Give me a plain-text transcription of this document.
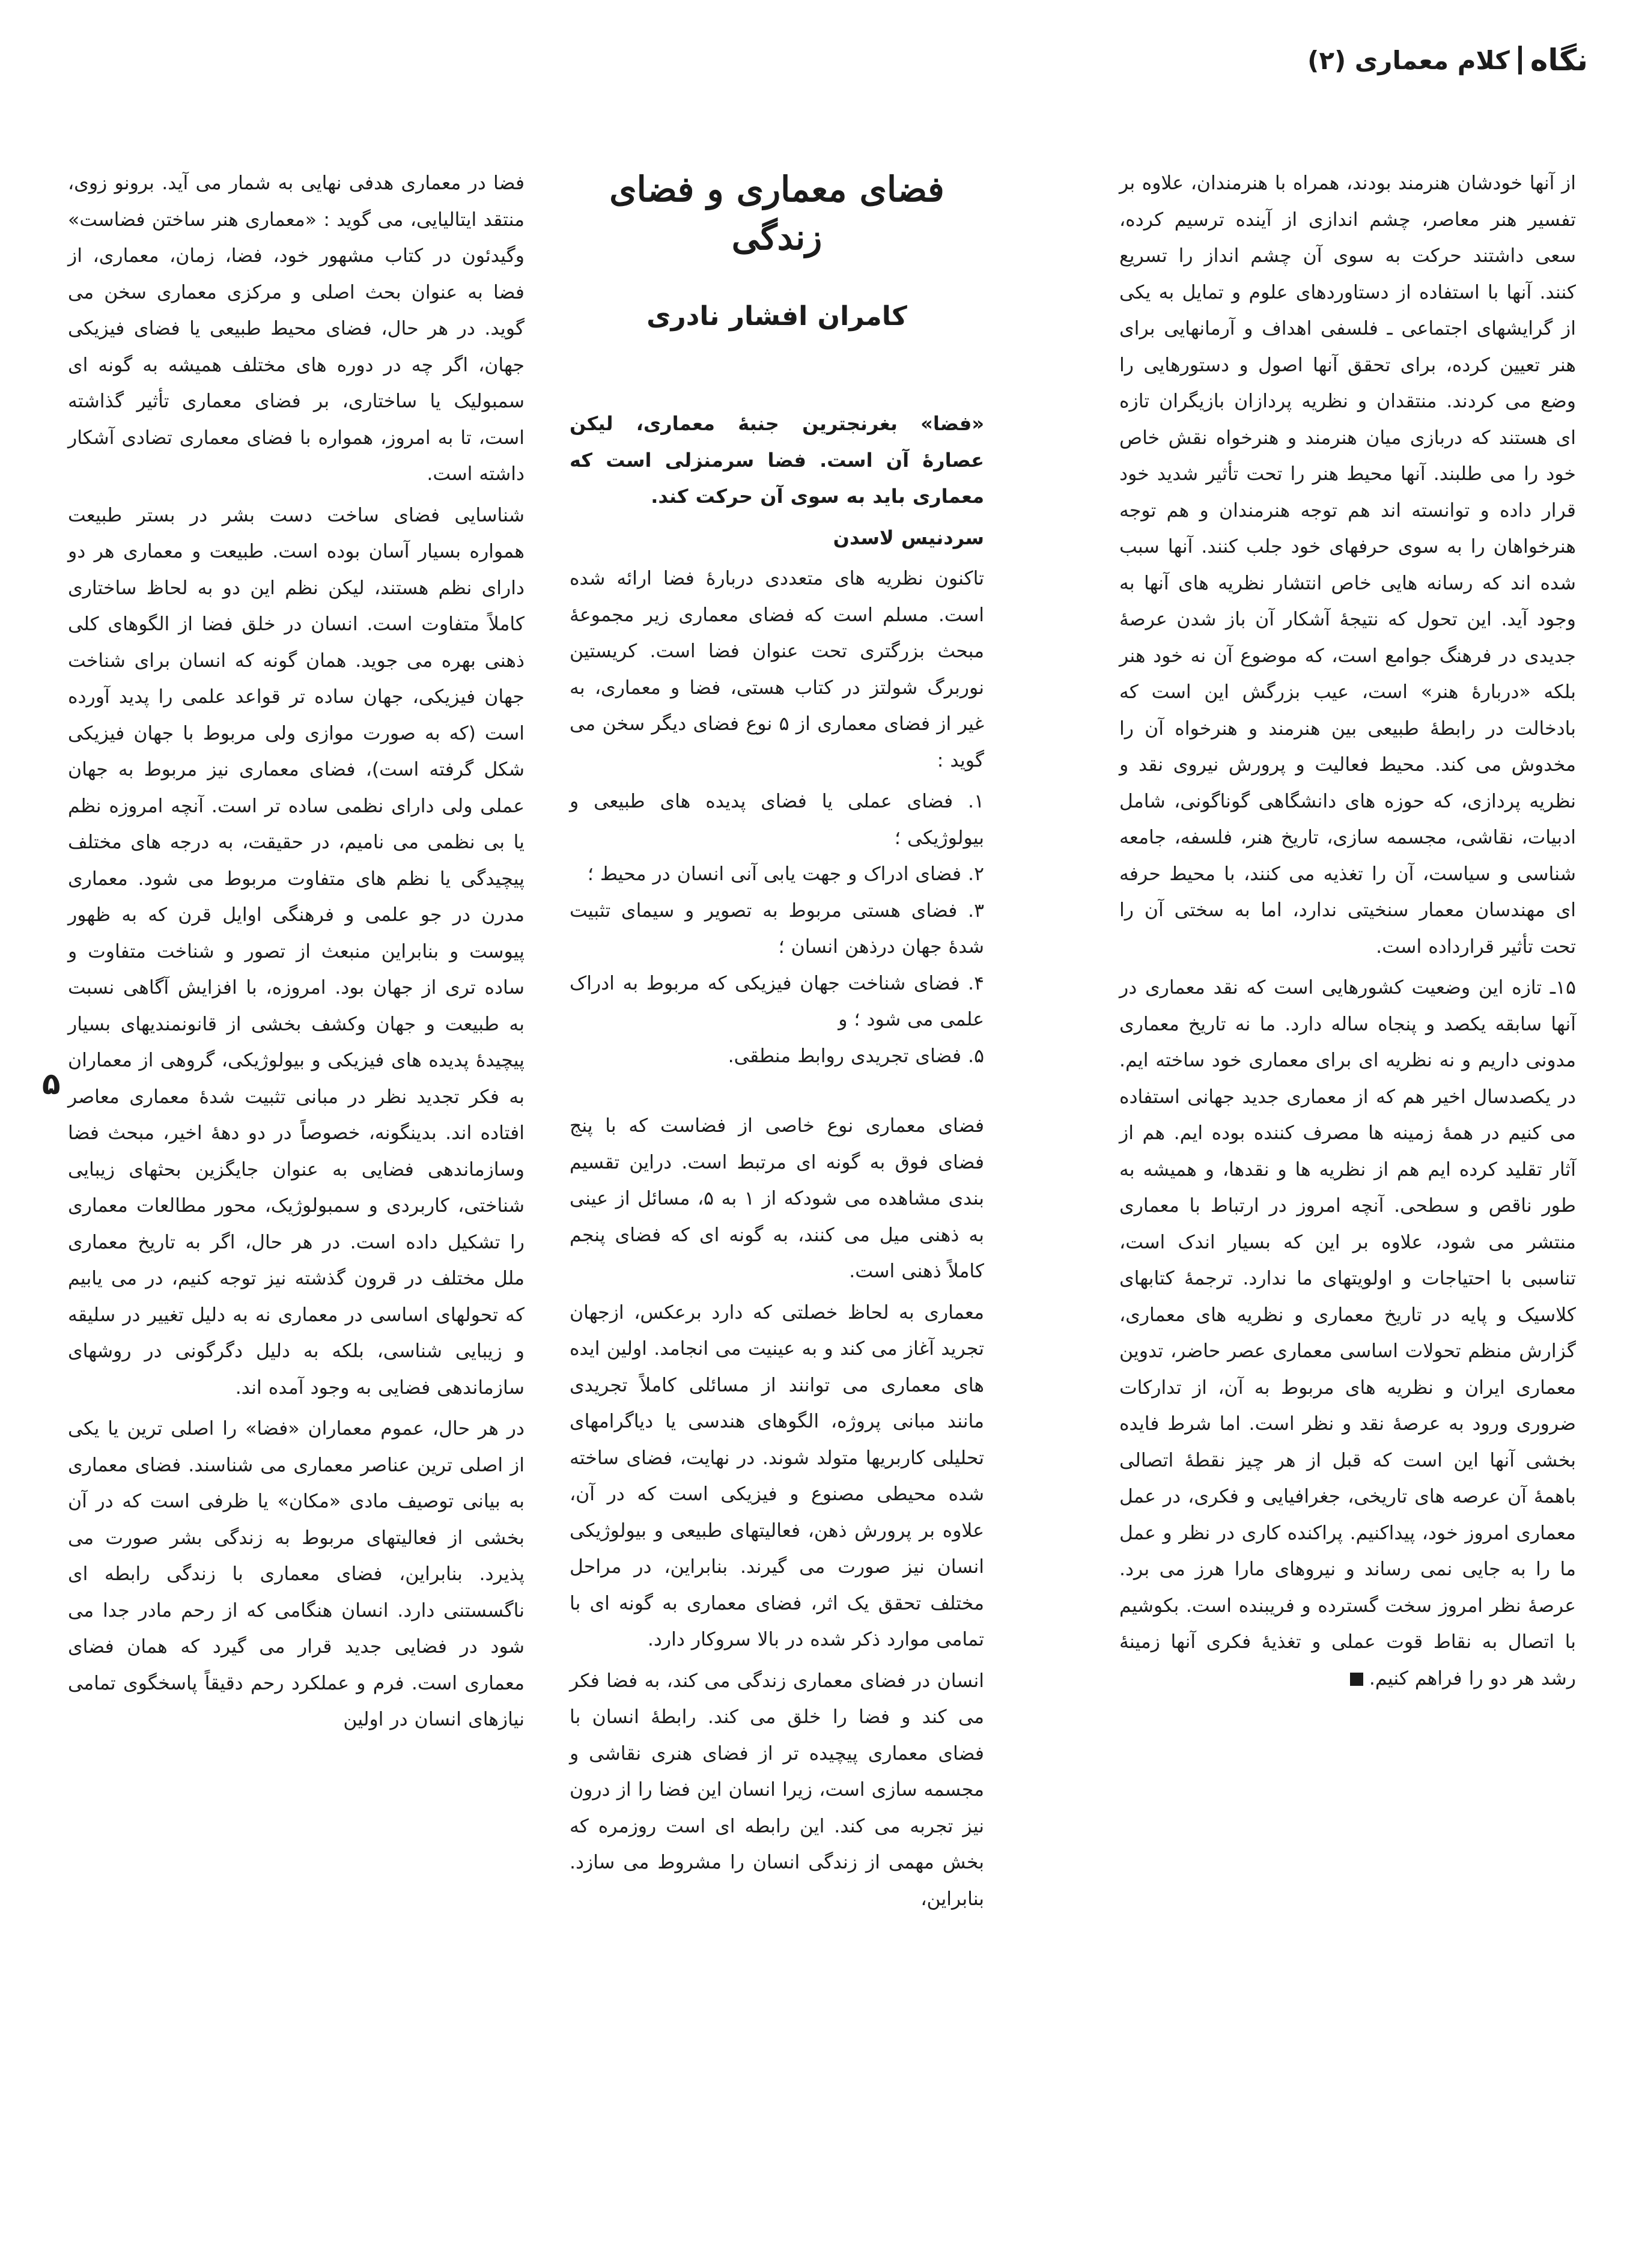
نگاه
کلام معماری (۲)

از آنها خودشان هنرمند بودند، همراه با هنرمندان، علاوه بر تفسیر هنر معاصر، چشم اندازی از آینده ترسیم کرده، سعی داشتند حرکت به سوی آن چشم انداز را تسریع کنند. آنها با استفاده از دستاوردهای علوم و تمایل به یکی از گرایشهای اجتماعی ـ فلسفی اهداف و آرمانهایی برای هنر تعیین کرده، برای تحقق آنها اصول و دستورهایی را وضع می کردند. منتقدان و نظریه پردازان بازیگران تازه ای هستند که دربازی میان هنرمند و هنرخواه نقش خاص خود را می طلبند. آنها محیط هنر را تحت تأثیر شدید خود قرار داده و توانسته اند هم توجه هنرمندان و هم توجه هنرخواهان را به سوی حرفهای خود جلب کنند. آنها سبب شده اند که رسانه هایی خاص انتشار نظریه های آنها به وجود آید. این تحول که نتیجهٔ آشکار آن باز شدن عرصهٔ جدیدی در فرهنگ جوامع است، که موضوع آن نه خود هنر بلکه «دربارهٔ هنر» است، عیب بزرگش این است که بادخالت در رابطهٔ طبیعی بین هنرمند و هنرخواه آن را مخدوش می کند. محیط فعالیت و پرورش نیروی نقد و نظریه پردازی، که حوزه های دانشگاهی گوناگونی، شامل ادبیات، نقاشی، مجسمه سازی، تاریخ هنر، فلسفه، جامعه شناسی و سیاست، آن را تغذیه می کنند، با محیط حرفه ای مهندسان معمار سنخیتی ندارد، اما به سختی آن را تحت تأثیر قرارداده است.

۱۵ـ تازه این وضعیت کشورهایی است که نقد معماری در آنها سابقه یکصد و پنجاه ساله دارد. ما نه تاریخ معماری مدونی داریم و نه نظریه ای برای معماری خود ساخته ایم. در یکصدسال اخیر هم که از معماری جدید جهانی استفاده می کنیم در همهٔ زمینه ها مصرف کننده بوده ایم. هم از آثار تقلید کرده ایم هم از نظریه ها و نقدها، و همیشه به طور ناقص و سطحی. آنچه امروز در ارتباط با معماری منتشر می شود، علاوه بر این که بسیار اندک است، تناسبی با احتیاجات و اولویتهای ما ندارد. ترجمهٔ کتابهای کلاسیک و پایه در تاریخ معماری و نظریه های معماری، گزارش منظم تحولات اساسی معماری عصر حاضر، تدوین معماری ایران و نظریه های مربوط به آن، از تدارکات ضروری ورود به عرصهٔ نقد و نظر است. اما شرط فایده بخشی آنها این است که قبل از هر چیز نقطهٔ اتصالی باهمهٔ آن عرصه های تاریخی، جغرافیایی و فکری، در عمل معماری امروز خود، پیداکنیم. پراکنده کاری در نظر و عمل ما را به جایی نمی رساند و نیروهای مارا هرز می برد. عرصهٔ نظر امروز سخت گسترده و فریبنده است. بکوشیم با اتصال به نقاط قوت عملی و تغذیهٔ فکری آنها زمینهٔ رشد هر دو را فراهم کنیم.

فضای معماری و فضای زندگی
کامران افشار نادری

«فضا» بغرنجترین جنبهٔ معماری، لیکن عصارهٔ آن است. فضا سرمنزلی است که معماری باید به سوی آن حرکت کند.

سردنیس لاسدن

تاکنون نظریه های متعددی دربارهٔ فضا ارائه شده است. مسلم است که فضای معماری زیر مجموعهٔ مبحث بزرگتری تحت عنوان فضا است. کریستین نوربرگ شولتز در کتاب هستی، فضا و معماری، به غیر از فضای معماری از ۵ نوع فضای دیگر سخن می گوید :

۱. فضای عملی یا فضای پدیده های طبیعی و بیولوژیکی ؛
۲. فضای ادراک و جهت یابی آنی انسان در محیط ؛
۳. فضای هستی مربوط به تصویر و سیمای تثبیت شدهٔ جهان درذهن انسان ؛
۴. فضای شناخت جهان فیزیکی که مربوط به ادراک علمی می شود ؛ و
۵. فضای تجریدی روابط منطقی.

فضای معماری نوع خاصی از فضاست که با پنج فضای فوق به گونه ای مرتبط است. دراین تقسیم بندی مشاهده می شودکه از ۱ به ۵، مسائل از عینی به ذهنی میل می کنند، به گونه ای که فضای پنجم کاملاً ذهنی است.

معماری به لحاظ خصلتی که دارد برعکس، ازجهان تجرید آغاز می کند و به عینیت می انجامد. اولین ایده های معماری می توانند از مسائلی کاملاً تجریدی مانند مبانی پروژه، الگوهای هندسی یا دیاگرامهای تحلیلی کاربریها متولد شوند. در نهایت، فضای ساخته شده محیطی مصنوع و فیزیکی است که در آن، علاوه بر پرورش ذهن، فعالیتهای طبیعی و بیولوژیکی انسان نیز صورت می گیرند. بنابراین، در مراحل مختلف تحقق یک اثر، فضای معماری به گونه ای با تمامی موارد ذکر شده در بالا سروکار دارد.

انسان در فضای معماری زندگی می کند، به فضا فکر می کند و فضا را خلق می کند. رابطهٔ انسان با فضای معماری پیچیده تر از فضای هنری نقاشی و مجسمه سازی است، زیرا انسان این فضا را از درون نیز تجربه می کند. این رابطه ای است روزمره که بخش مهمی از زندگی انسان را مشروط می سازد. بنابراین،

فضا در معماری هدفی نهایی به شمار می آید. برونو زوی، منتقد ایتالیایی، می گوید : «معماری هنر ساختن فضاست» وگیدئون در کتاب مشهور خود، فضا، زمان، معماری، از فضا به عنوان بحث اصلی و مرکزی معماری سخن می گوید. در هر حال، فضای محیط طبیعی یا فضای فیزیکی جهان، اگر چه در دوره های مختلف همیشه به گونه ای سمبولیک یا ساختاری، بر فضای معماری تأثیر گذاشته است، تا به امروز، همواره با فضای معماری تضادی آشکار داشته است.

شناسایی فضای ساخت دست بشر در بستر طبیعت همواره بسیار آسان بوده است. طبیعت و معماری هر دو دارای نظم هستند، لیکن نظم این دو به لحاظ ساختاری کاملاً متفاوت است. انسان در خلق فضا از الگوهای کلی ذهنی بهره می جوید. همان گونه که انسان برای شناخت جهان فیزیکی، جهان ساده تر قواعد علمی را پدید آورده است (که به صورت موازی ولی مربوط با جهان فیزیکی شکل گرفته است)، فضای معماری نیز مربوط به جهان عملی ولی دارای نظمی ساده تر است. آنچه امروزه نظم یا بی نظمی می نامیم، در حقیقت، به درجه های مختلف پیچیدگی یا نظم های متفاوت مربوط می شود. معماری مدرن در جو علمی و فرهنگی اوایل قرن که به ظهور پیوست و بنابراین منبعث از تصور و شناخت متفاوت و ساده تری از جهان بود. امروزه، با افزایش آگاهی نسبت به طبیعت و جهان وکشف بخشی از قانونمندیهای بسیار پیچیدهٔ پدیده های فیزیکی و بیولوژیکی، گروهی از معماران به فکر تجدید نظر در مبانی تثبیت شدهٔ معماری معاصر افتاده اند. بدینگونه، خصوصاً در دو دههٔ اخیر، مبحث فضا وسازماندهی فضایی به عنوان جایگزین بحثهای زیبایی شناختی، کاربردی و سمبولوژیک، محور مطالعات معماری را تشکیل داده است. در هر حال، اگر به تاریخ معماری ملل مختلف در قرون گذشته نیز توجه کنیم، در می یابیم که تحولهای اساسی در معماری نه به دلیل تغییر در سلیقه و زیبایی شناسی، بلکه به دلیل دگرگونی در روشهای سازماندهی فضایی به وجود آمده اند.

در هر حال، عموم معماران «فضا» را اصلی ترین یا یکی از اصلی ترین عناصر معماری می شناسند. فضای معماری به بیانی توصیف مادی «مکان» یا ظرفی است که در آن بخشی از فعالیتهای مربوط به زندگی بشر صورت می پذیرد. بنابراین، فضای معماری با زندگی رابطه ای ناگسستنی دارد. انسان هنگامی که از رحم مادر جدا می شود در فضایی جدید قرار می گیرد که همان فضای معماری است. فرم و عملکرد رحم دقیقاً پاسخگوی تمامی نیازهای انسان در اولین

۵
